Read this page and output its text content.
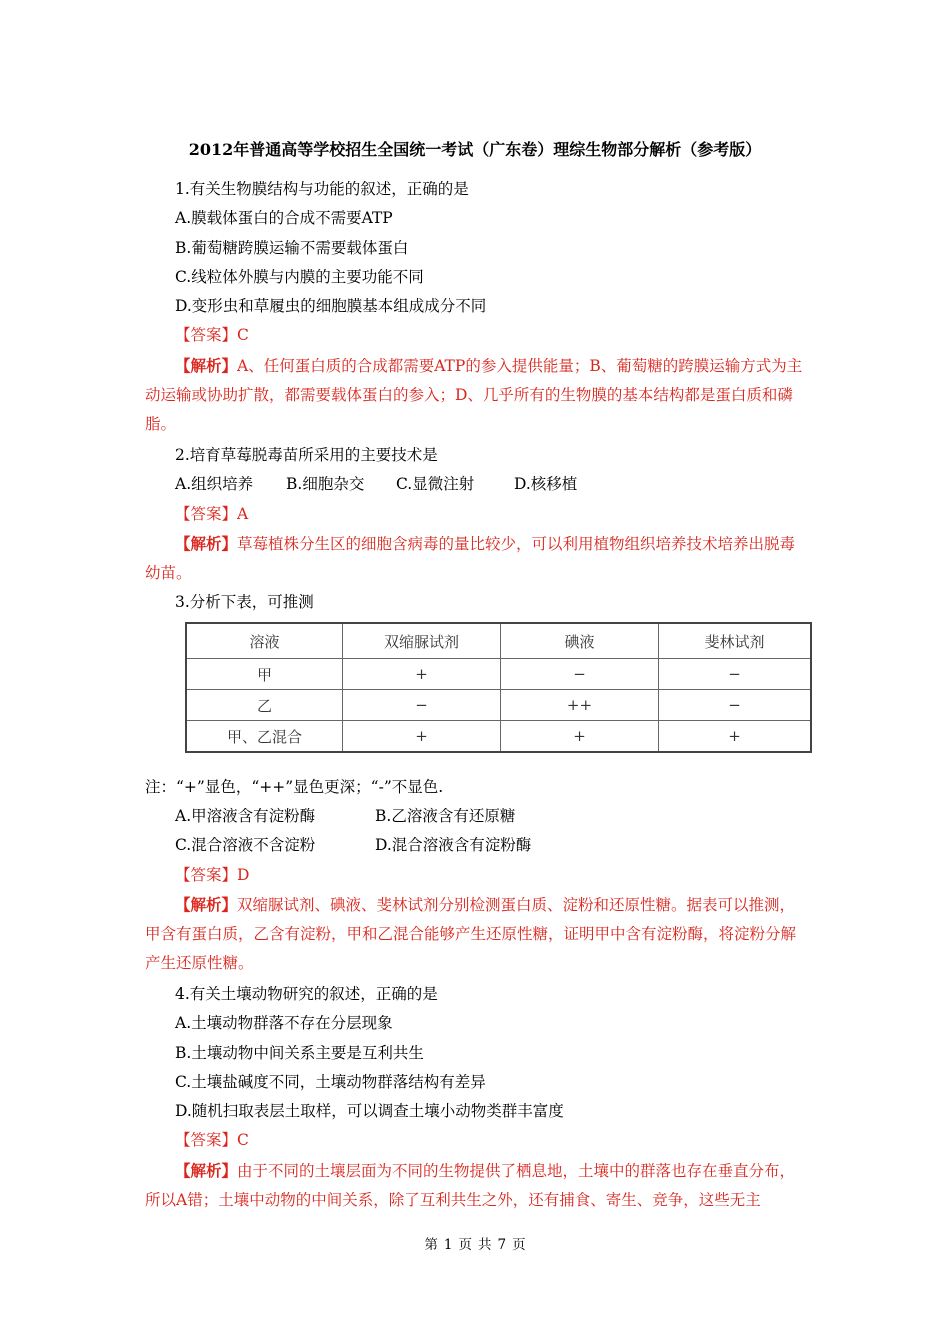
2012年普通高等学校招生全国统一考试（广东卷）理综生物部分解析（参考版）
1.有关生物膜结构与功能的叙述，正确的是
A.膜载体蛋白的合成不需要ATP
B.葡萄糖跨膜运输不需要载体蛋白
C.线粒体外膜与内膜的主要功能不同
D.变形虫和草履虫的细胞膜基本组成成分不同
【答案】C
【解析】A、任何蛋白质的合成都需要ATP的参入提供能量；B、葡萄糖的跨膜运输方式为主动运输或协助扩散，都需要载体蛋白的参入；D、几乎所有的生物膜的基本结构都是蛋白质和磷脂。
2.培育草莓脱毒苗所采用的主要技术是
A.组织培养 B.细胞杂交 C.显微注射	D.核移植
【答案】A
【解析】草莓植株分生区的细胞含病毒的量比较少，可以利用植物组织培养技术培养出脱毒幼苗。
3.分析下表，可推测
溶液	双缩脲试剂	碘液	斐林试剂
甲	+	−	−
乙	−	++	−
甲、乙混合	+	+	+
注：“+”显色，“++”显色更深；“-”不显色.
A.甲溶液含有淀粉酶	B.乙溶液含有还原糖
C.混合溶液不含淀粉	D.混合溶液含有淀粉酶
【答案】D
【解析】双缩脲试剂、碘液、斐林试剂分别检测蛋白质、淀粉和还原性糖。据表可以推测，甲含有蛋白质，乙含有淀粉，甲和乙混合能够产生还原性糖，证明甲中含有淀粉酶，将淀粉分解产生还原性糖。
4.有关土壤动物研究的叙述，正确的是
A.土壤动物群落不存在分层现象
B.土壤动物中间关系主要是互利共生
C.土壤盐碱度不同，土壤动物群落结构有差异
D.随机扫取表层土取样，可以调查土壤小动物类群丰富度
【答案】C
【解析】由于不同的土壤层面为不同的生物提供了栖息地，土壤中的群落也存在垂直分布，所以A错；土壤中动物的中间关系，除了互利共生之外，还有捕食、寄生、竞争，这些无主
第 1 页 共 7 页
